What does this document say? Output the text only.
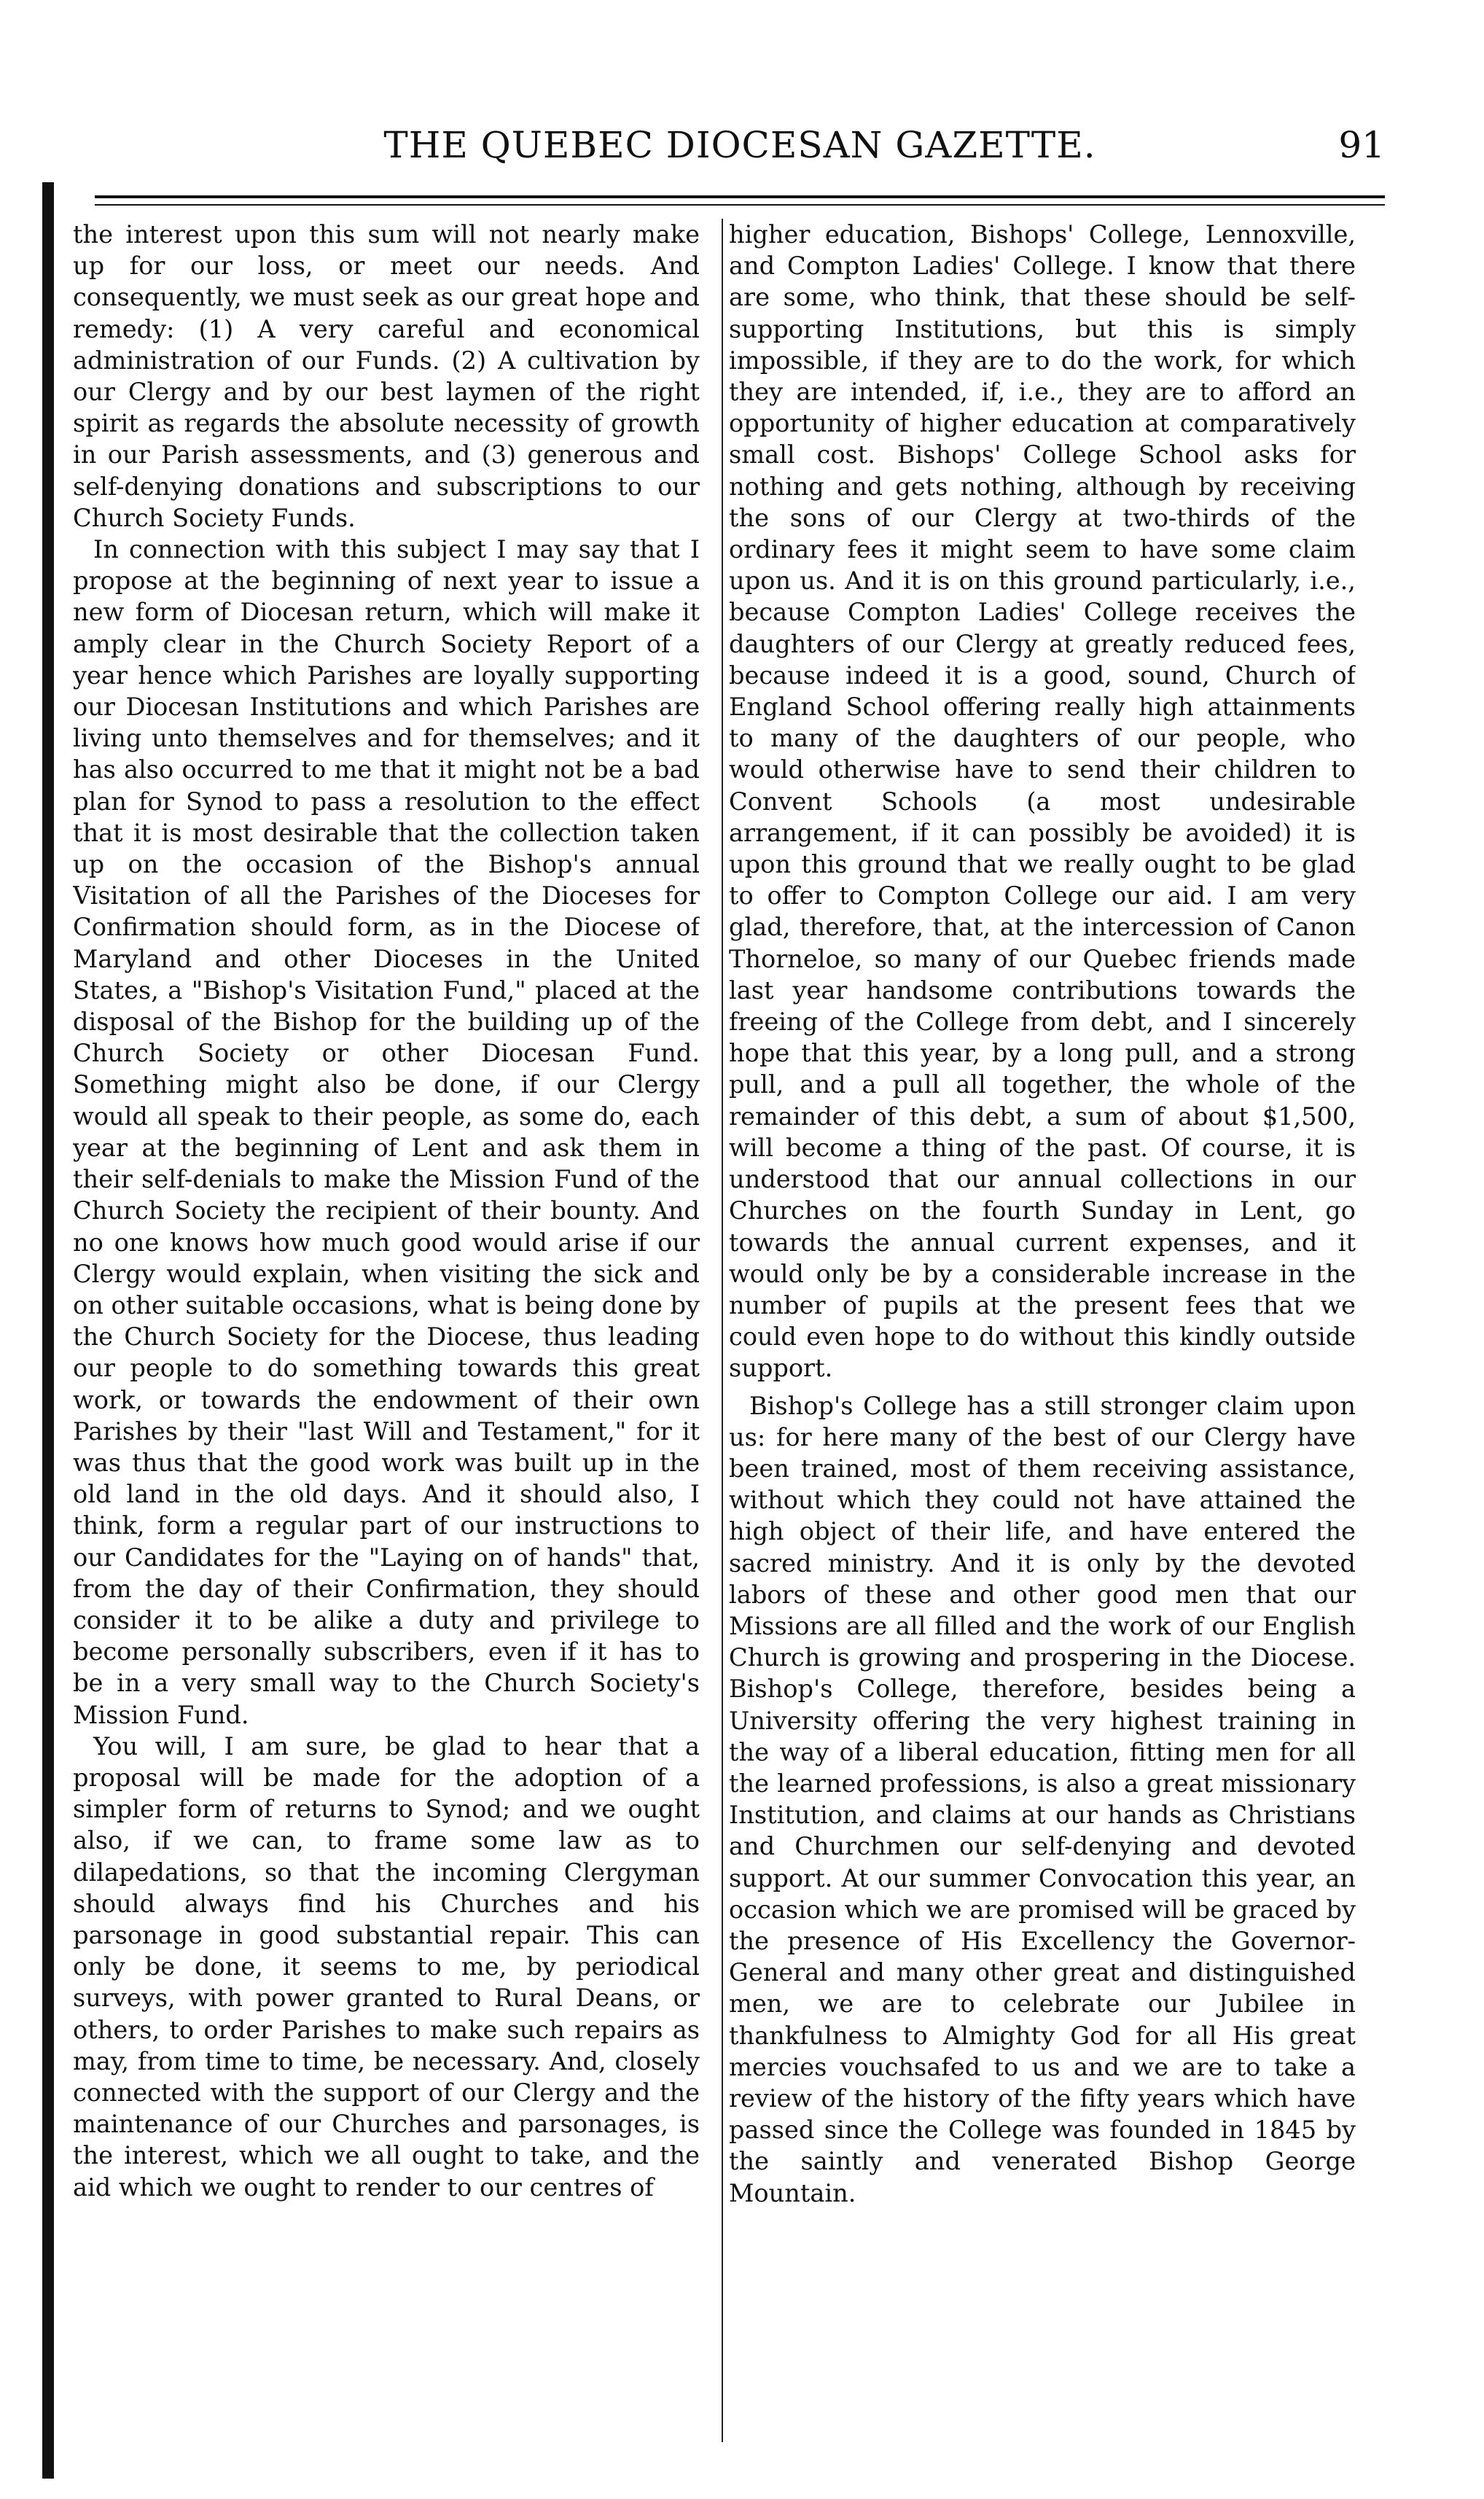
THE QUEBEC DIOCESAN GAZETTE.	91

the interest upon this sum will not nearly make up for our loss, or meet our needs. And consequently, we must seek as our great hope and remedy: (1) A very careful and economical administration of our Funds. (2) A cultivation by our Clergy and by our best laymen of the right spirit as regards the absolute necessity of growth in our Parish assessments, and (3) generous and self-denying donations and subscriptions to our Church Society Funds.

In connection with this subject I may say that I propose at the beginning of next year to issue a new form of Diocesan return, which will make it amply clear in the Church Society Report of a year hence which Parishes are loyally supporting our Diocesan Institutions and which Parishes are living unto themselves and for themselves; and it has also occurred to me that it might not be a bad plan for Synod to pass a resolution to the effect that it is most desirable that the collection taken up on the occasion of the Bishop's annual Visitation of all the Parishes of the Dioceses for Confirmation should form, as in the Diocese of Maryland and other Dioceses in the United States, a "Bishop's Visitation Fund," placed at the disposal of the Bishop for the building up of the Church Society or other Diocesan Fund. Something might also be done, if our Clergy would all speak to their people, as some do, each year at the beginning of Lent and ask them in their self-denials to make the Mission Fund of the Church Society the recipient of their bounty. And no one knows how much good would arise if our Clergy would explain, when visiting the sick and on other suitable occasions, what is being done by the Church Society for the Diocese, thus leading our people to do something towards this great work, or towards the endowment of their own Parishes by their "last Will and Testament," for it was thus that the good work was built up in the old land in the old days. And it should also, I think, form a regular part of our instructions to our Candidates for the "Laying on of hands" that, from the day of their Confirmation, they should consider it to be alike a duty and privilege to become personally subscribers, even if it has to be in a very small way to the Church Society's Mission Fund.

You will, I am sure, be glad to hear that a proposal will be made for the adoption of a simpler form of returns to Synod; and we ought also, if we can, to frame some law as to dilapedations, so that the incoming Clergyman should always find his Churches and his parsonage in good substantial repair. This can only be done, it seems to me, by periodical surveys, with power granted to Rural Deans, or others, to order Parishes to make such repairs as may, from time to time, be necessary. And, closely connected with the support of our Clergy and the maintenance of our Churches and parsonages, is the interest, which we all ought to take, and the aid which we ought to render to our centres of

higher education, Bishops' College, Lennoxville, and Compton Ladies' College. I know that there are some, who think, that these should be self-supporting Institutions, but this is simply impossible, if they are to do the work, for which they are intended, if, i.e., they are to afford an opportunity of higher education at comparatively small cost. Bishops' College School asks for nothing and gets nothing, although by receiving the sons of our Clergy at two-thirds of the ordinary fees it might seem to have some claim upon us. And it is on this ground particularly, i.e., because Compton Ladies' College receives the daughters of our Clergy at greatly reduced fees, because indeed it is a good, sound, Church of England School offering really high attainments to many of the daughters of our people, who would otherwise have to send their children to Convent Schools (a most undesirable arrangement, if it can possibly be avoided) it is upon this ground that we really ought to be glad to offer to Compton College our aid. I am very glad, therefore, that, at the intercession of Canon Thorneloe, so many of our Quebec friends made last year handsome contributions towards the freeing of the College from debt, and I sincerely hope that this year, by a long pull, and a strong pull, and a pull all together, the whole of the remainder of this debt, a sum of about $1,500, will become a thing of the past. Of course, it is understood that our annual collections in our Churches on the fourth Sunday in Lent, go towards the annual current expenses, and it would only be by a considerable increase in the number of pupils at the present fees that we could even hope to do without this kindly outside support.

Bishop's College has a still stronger claim upon us: for here many of the best of our Clergy have been trained, most of them receiving assistance, without which they could not have attained the high object of their life, and have entered the sacred ministry. And it is only by the devoted labors of these and other good men that our Missions are all filled and the work of our English Church is growing and prospering in the Diocese. Bishop's College, therefore, besides being a University offering the very highest training in the way of a liberal education, fitting men for all the learned professions, is also a great missionary Institution, and claims at our hands as Christians and Churchmen our self-denying and devoted support. At our summer Convocation this year, an occasion which we are promised will be graced by the presence of His Excellency the Governor-General and many other great and distinguished men, we are to celebrate our Jubilee in thankfulness to Almighty God for all His great mercies vouchsafed to us and we are to take a review of the history of the fifty years which have passed since the College was founded in 1845 by the saintly and venerated Bishop George Mountain.
